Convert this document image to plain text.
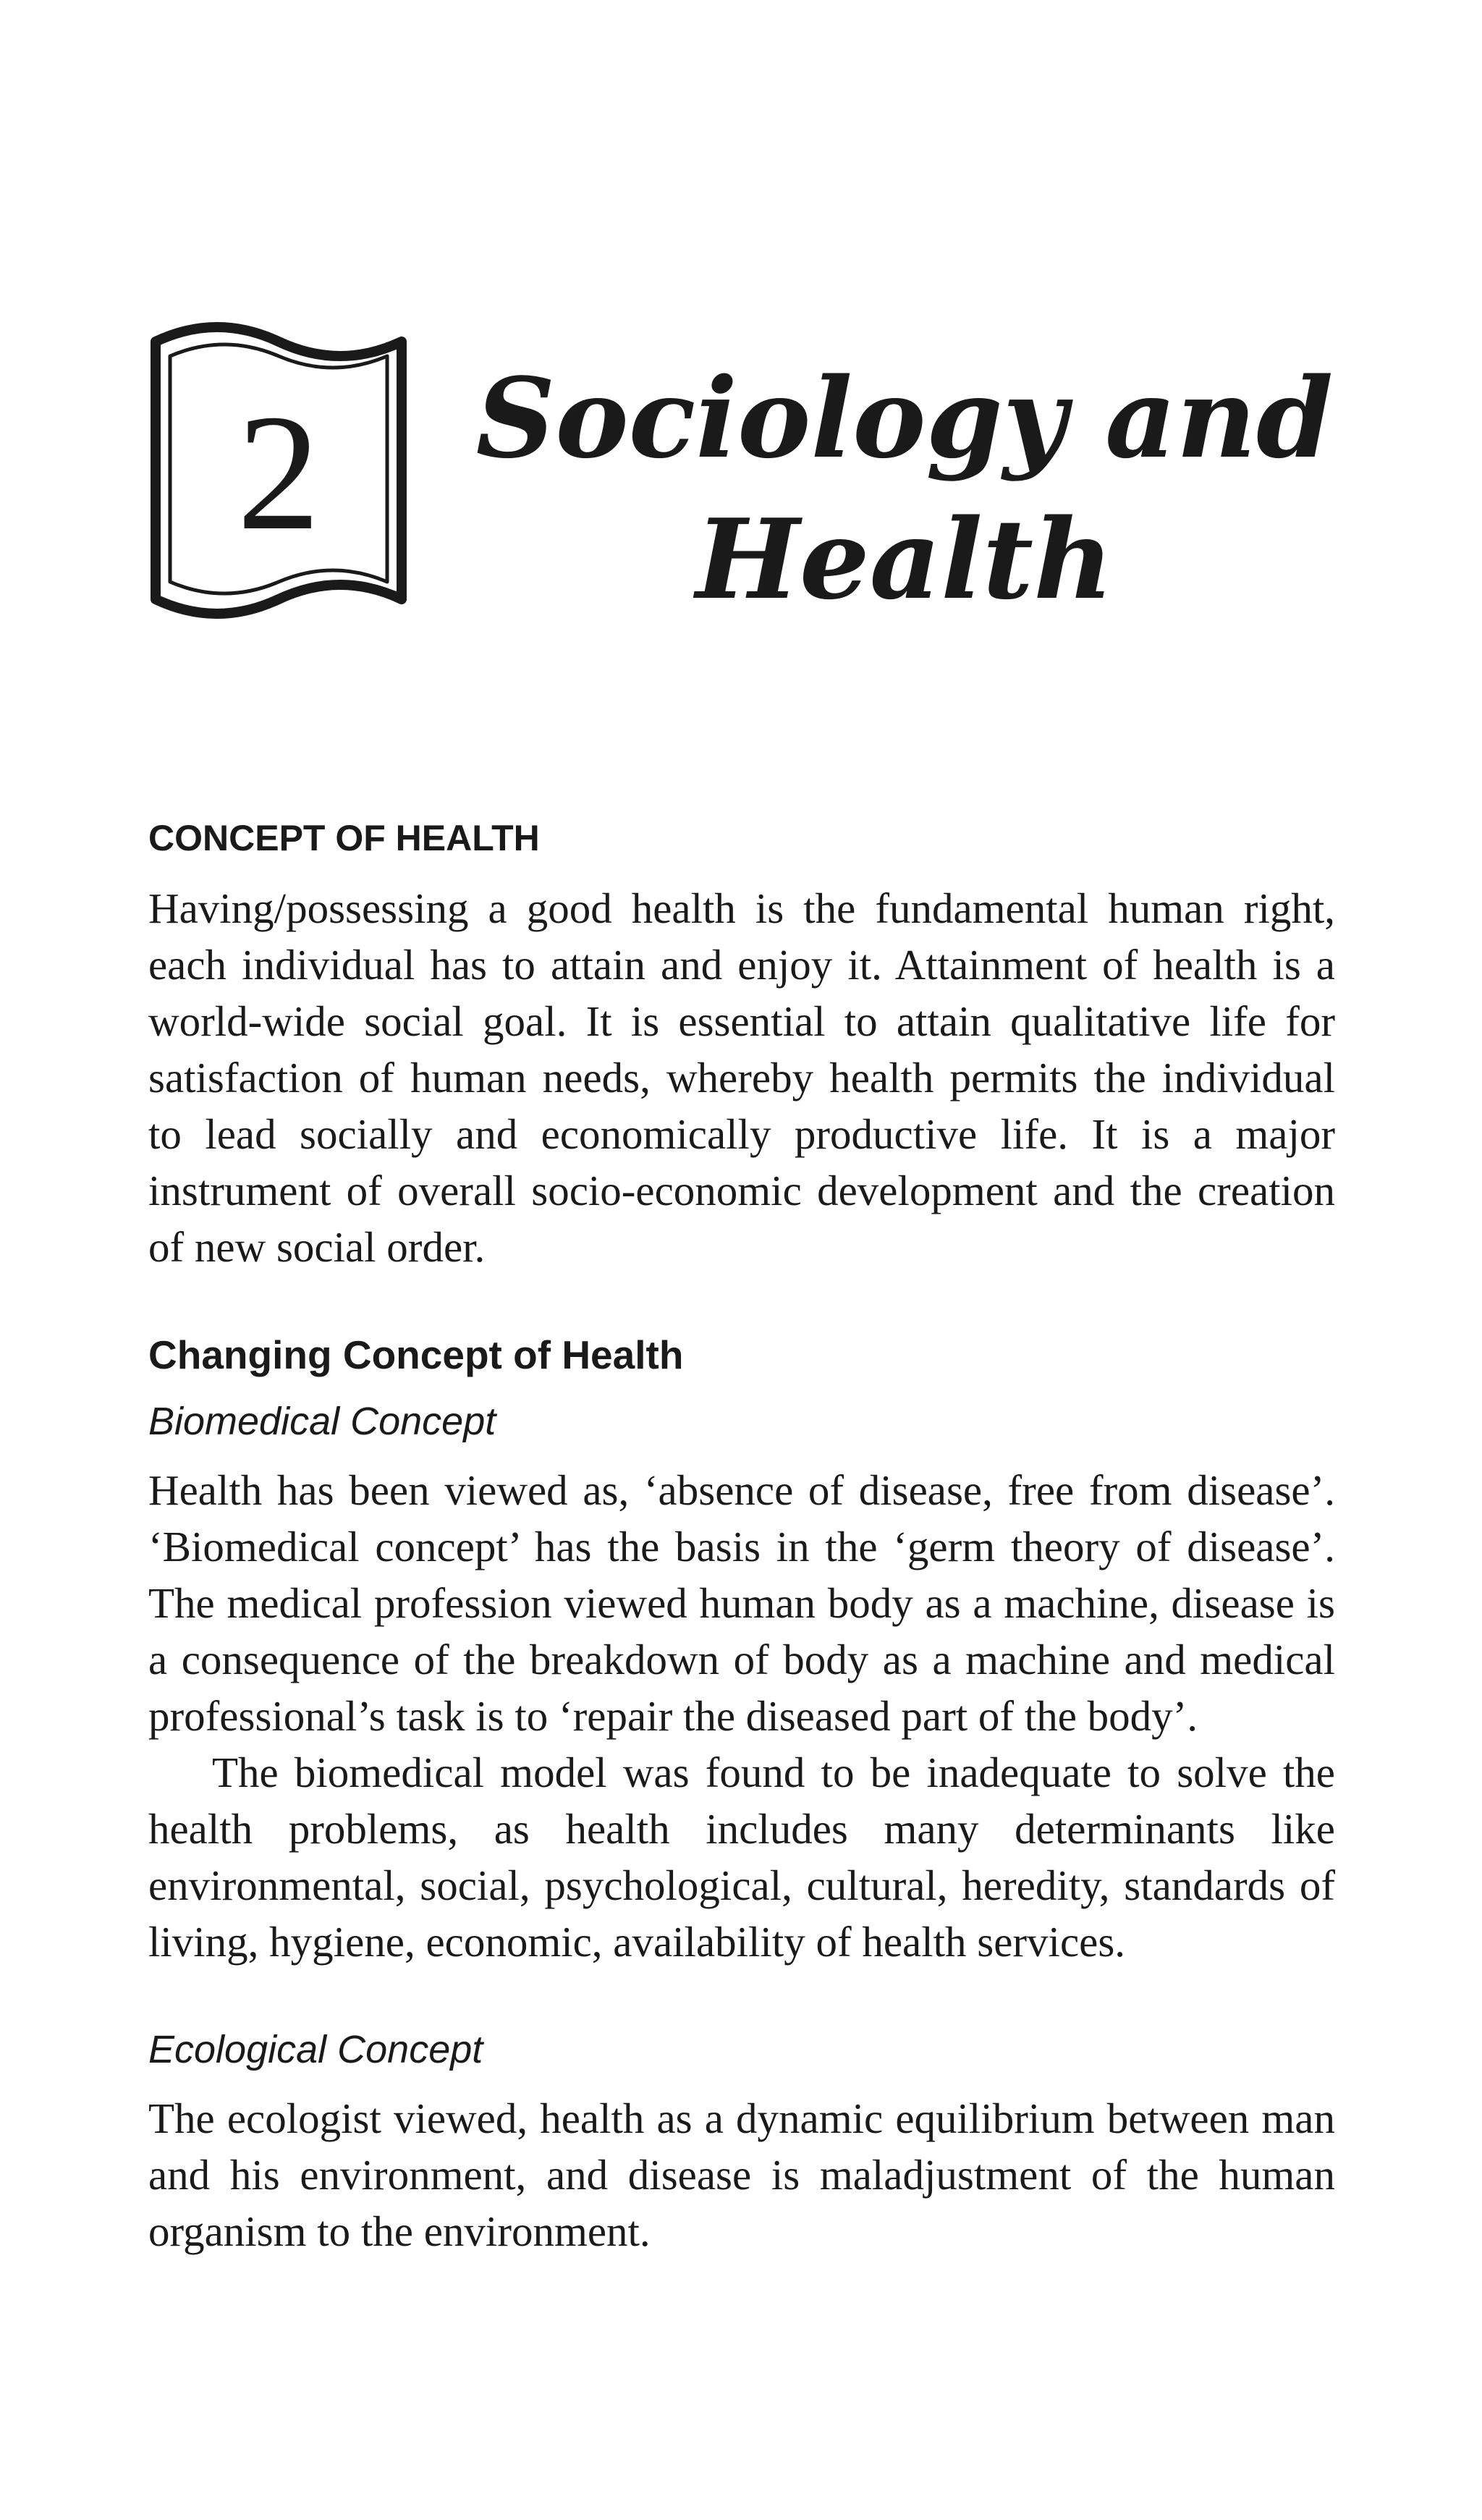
2 Sociology and
Health
CONCEPT OF HEALTH

Having/possessing a good health is the fundamental human right, each individual has to attain and enjoy it. Attainment of health is a world-wide social goal. It is essential to attain qualitative life for satisfaction of human needs, whereby health permits the individual to lead socially and economically productive life. It is a major instrument of overall socio-economic development and the creation of new social order.

Changing Concept of Health
Biomedical Concept

Health has been viewed as, ‘absence of disease, free from disease’. ‘Biomedical concept’ has the basis in the ‘germ theory of disease’. The medical profession viewed human body as a machine, disease is a consequence of the breakdown of body as a machine and medical professional’s task is to ‘repair the diseased part of the body’.

The biomedical model was found to be inadequate to solve the health problems, as health includes many determinants like environmental, social, psychological, cultural, heredity, standards of living, hygiene, economic, availability of health services.

Ecological Concept

The ecologist viewed, health as a dynamic equilibrium between man and his environment, and disease is maladjustment of the human organism to the environment.
